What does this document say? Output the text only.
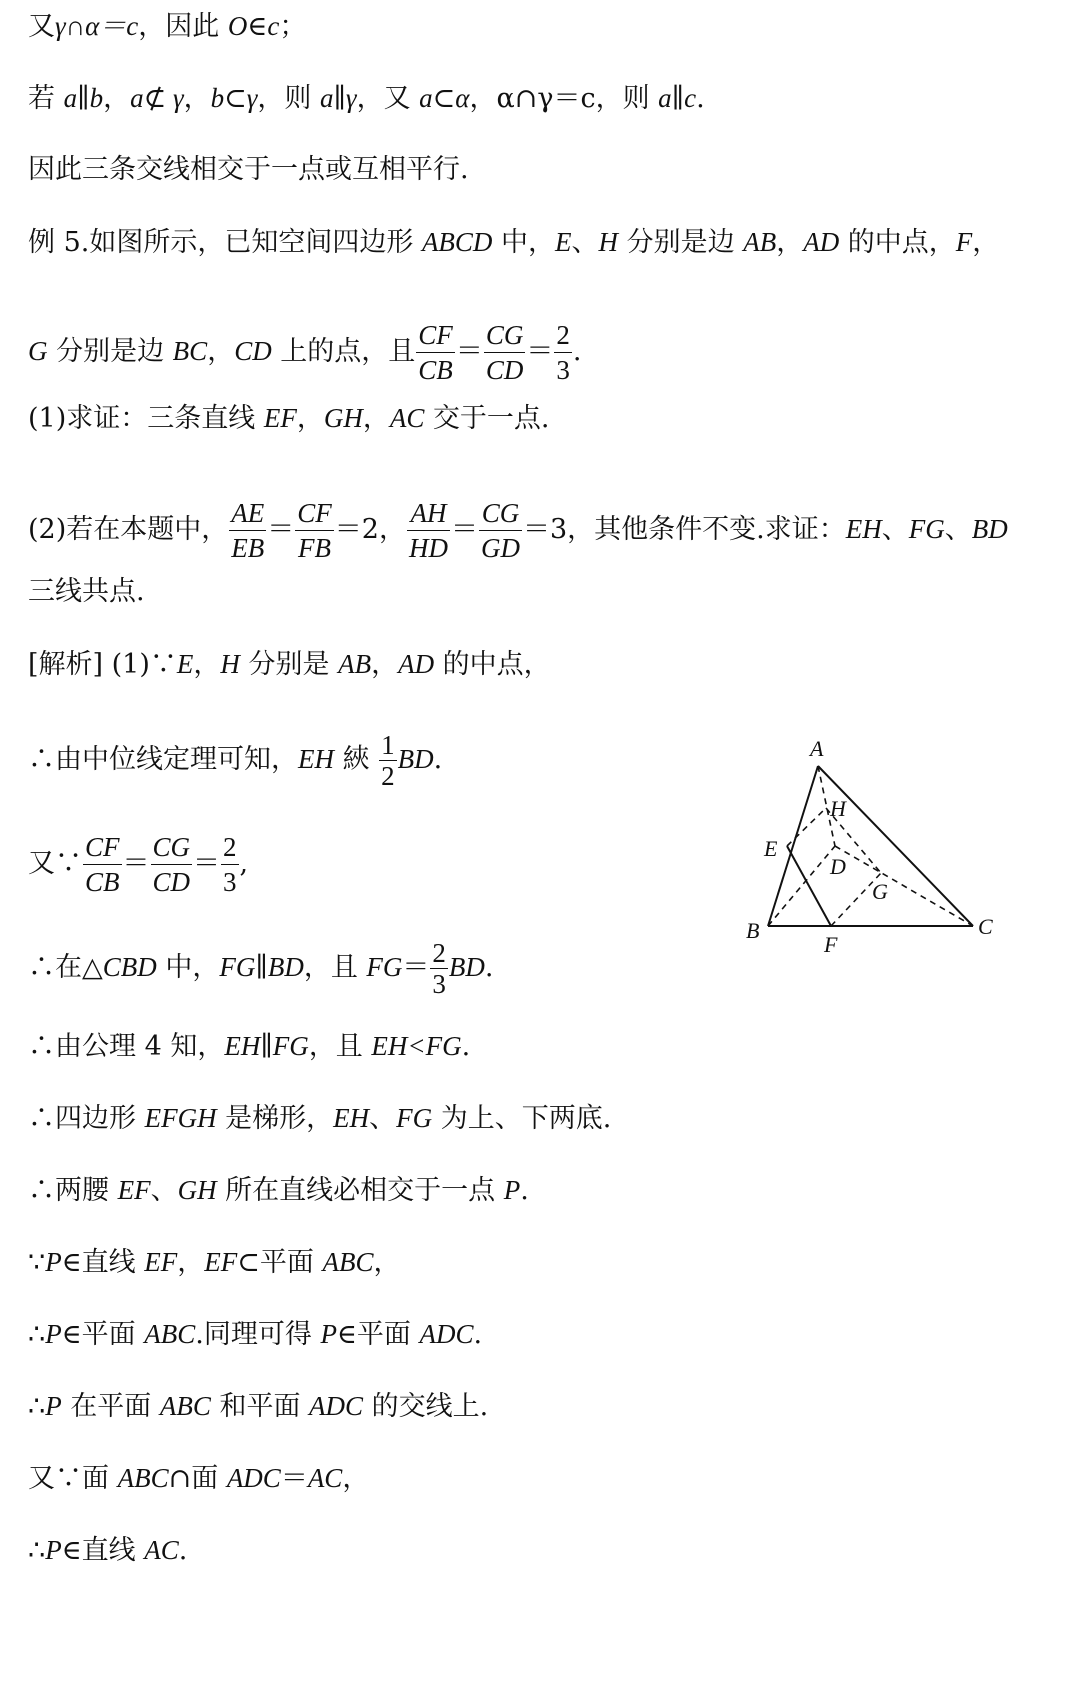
又γ∩α＝c，因此 O∈c；
若 a∥b，a⊄ γ，b⊂γ，则 a∥γ，又 a⊂α，α∩γ＝c，则 a∥c.
因此三条交线相交于一点或互相平行.
例 5.如图所示，已知空间四边形 ABCD 中，E、H 分别是边 AB，AD 的中点，F，
G 分别是边 BC，CD 上的点，且 $\frac{CF}{CB} = \frac{CG}{CD} = \frac{2}{3}$ .
(1)求证：三条直线 EF，GH，AC 交于一点.
(2)若在本题中， $\frac{AE}{EB} = \frac{CF}{FB} =2$， $\frac{AH}{HD} = \frac{CG}{GD} =3$，其他条件不变.求证：EH、FG、BD
三线共点.
[解析] (1)∵E，H 分别是 AB，AD 的中点，
∴由中位线定理可知，EH 綊 $\frac{1}{2}$ BD.
又∵ $\frac{CF}{CB} = \frac{CG}{CD} = \frac{2}{3}$ ,
∴在△CBD 中，FG∥BD，且 $FG= \frac{2}{3}$ BD.
∴由公理 4 知，EH∥FG，且 EH<FG.
∴四边形 EFGH 是梯形，EH、FG 为上、下两底.
∴两腰 EF、GH 所在直线必相交于一点 P.
∵P∈直线 EF，EF⊂平面 ABC，
∴P∈平面 ABC.同理可得 P∈平面 ADC.
∴P 在平面 ABC 和平面 ADC 的交线上.
又∵面 ABC∩面 ADC＝AC，
∴P∈直线 AC.
A
B	C
D
E
F
G
H
